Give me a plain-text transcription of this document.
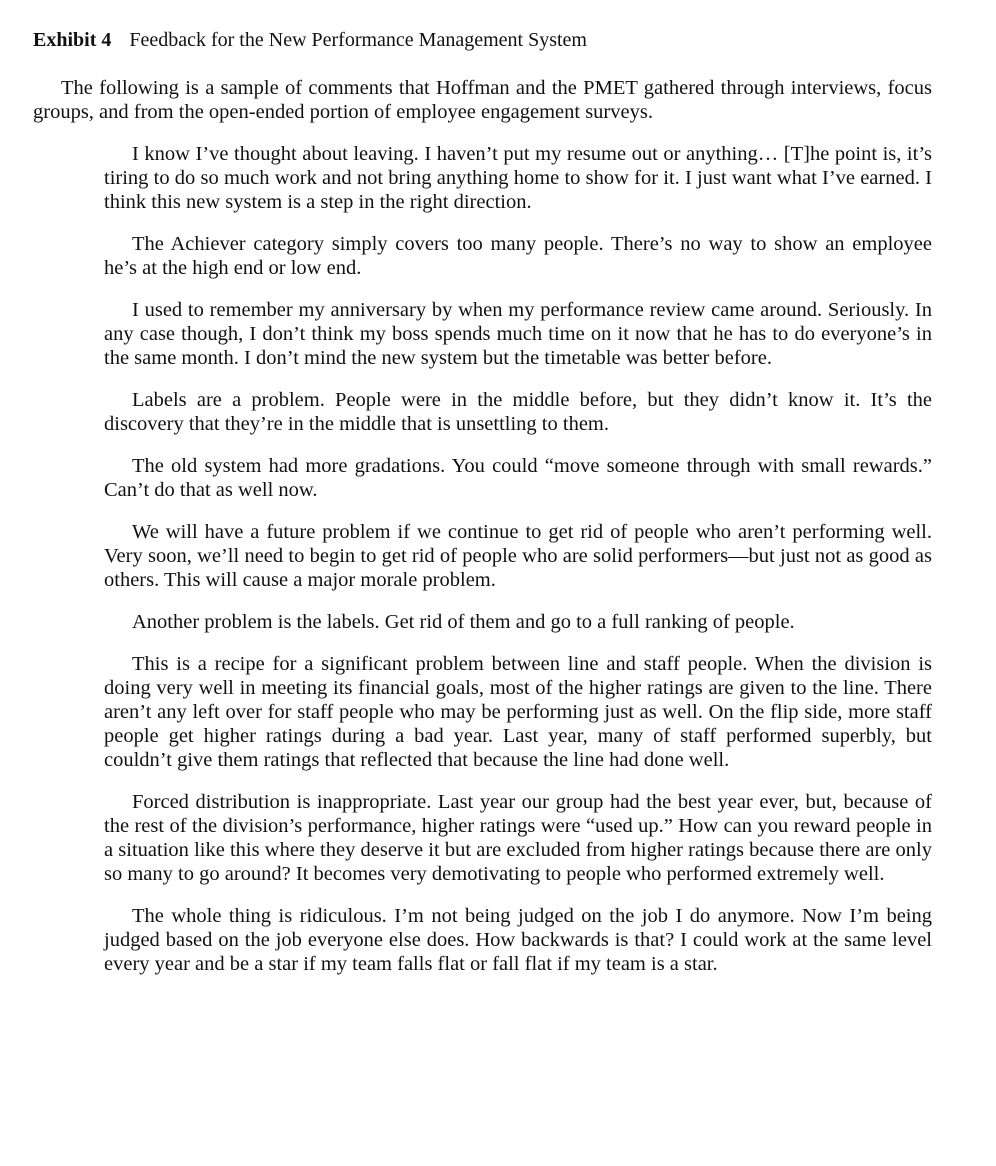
Exhibit 4 Feedback for the New Performance Management System

The following is a sample of comments that Hoffman and the PMET gathered through interviews, focus groups, and from the open-ended portion of employee engagement surveys.

I know I’ve thought about leaving. I haven’t put my resume out or anything… [T]he point is, it’s tiring to do so much work and not bring anything home to show for it. I just want what I’ve earned. I think this new system is a step in the right direction.

The Achiever category simply covers too many people. There’s no way to show an employee he’s at the high end or low end.

I used to remember my anniversary by when my performance review came around. Seriously. In any case though, I don’t think my boss spends much time on it now that he has to do everyone’s in the same month. I don’t mind the new system but the timetable was better before.

Labels are a problem. People were in the middle before, but they didn’t know it. It’s the discovery that they’re in the middle that is unsettling to them.

The old system had more gradations. You could “move someone through with small rewards.” Can’t do that as well now.

We will have a future problem if we continue to get rid of people who aren’t performing well. Very soon, we’ll need to begin to get rid of people who are solid performers—but just not as good as others. This will cause a major morale problem.

Another problem is the labels. Get rid of them and go to a full ranking of people.

This is a recipe for a significant problem between line and staff people. When the division is doing very well in meeting its financial goals, most of the higher ratings are given to the line. There aren’t any left over for staff people who may be performing just as well. On the flip side, more staff people get higher ratings during a bad year. Last year, many of staff performed superbly, but couldn’t give them ratings that reflected that because the line had done well.

Forced distribution is inappropriate. Last year our group had the best year ever, but, because of the rest of the division’s performance, higher ratings were “used up.” How can you reward people in a situation like this where they deserve it but are excluded from higher ratings because there are only so many to go around? It becomes very demotivating to people who performed extremely well.

The whole thing is ridiculous. I’m not being judged on the job I do anymore. Now I’m being judged based on the job everyone else does. How backwards is that? I could work at the same level every year and be a star if my team falls flat or fall flat if my team is a star.
